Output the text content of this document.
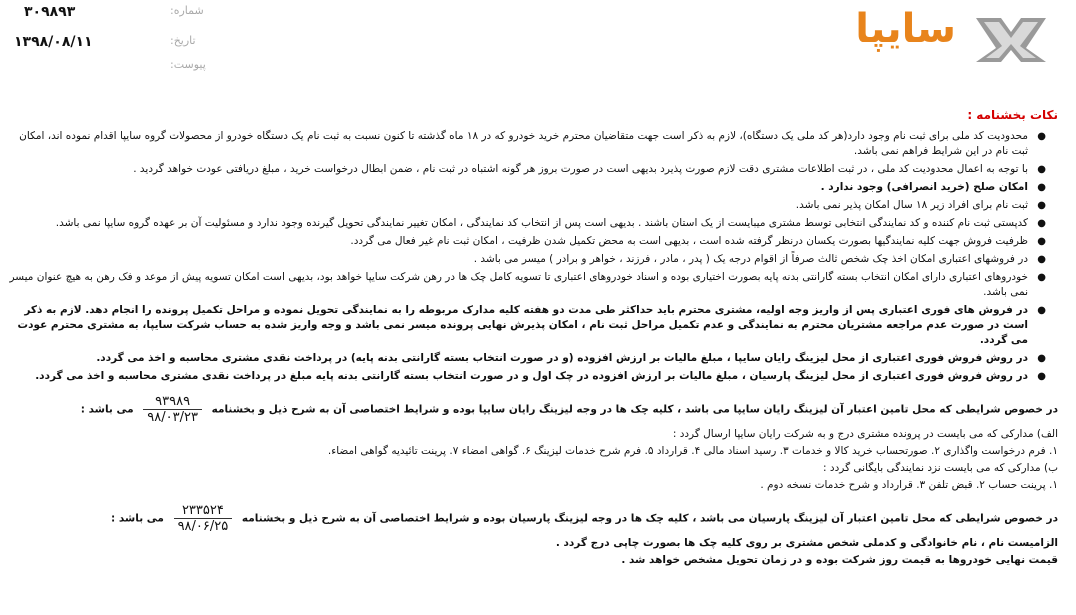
شماره:
۳۰۹۸۹۳
تاریخ:
۱۳۹۸/۰۸/۱۱
پیوست:
سایپا
نکات بخشنامه :
●
محدودیت کد ملی برای ثبت نام وجود دارد(هر کد ملی یک دستگاه)، لازم به ذکر است جهت متقاضیان محترم خرید خودرو که در ۱۸ ماه گذشته تا کنون نسبت به ثبت نام یک دستگاه خودرو از محصولات گروه سایپا اقدام نموده اند، امکان ثبت نام در این شرایط فراهم نمی باشد.
●
با توجه به اعمال محدودیت کد ملی ، در ثبت اطلاعات مشتری دقت لازم صورت پذیرد بدیهی است در صورت بروز هر گونه اشتباه در ثبت نام ، ضمن ابطال درخواست خرید ، مبلغ دریافتی عودت خواهد گردید .
●
امکان صلح (خرید انصرافی) وجود ندارد .
●
ثبت نام برای افراد زیر ۱۸ سال امکان پذیر نمی باشد.
●
کدپستی ثبت نام کننده و کد نمایندگی انتخابی توسط مشتری میبایست از یک استان باشند . بدیهی است پس از انتخاب کد نمایندگی ، امکان تغییر نمایندگی تحویل گیرنده وجود ندارد و مسئولیت آن بر عهده گروه سایپا نمی باشد.
●
ظرفیت فروش جهت کلیه نمایندگیها بصورت یکسان درنظر گرفته شده است ، بدیهی است به محض تکمیل شدن ظرفیت ، امکان ثبت نام غیر فعال می گردد.
●
در فروشهای اعتباری امکان اخذ چک شخص ثالث صرفاً از اقوام درجه یک ( پدر ، مادر ، فرزند ، خواهر و برادر ) میسر می باشد .
●
خودروهای اعتباری دارای امکان انتخاب بسته گارانتی بدنه پایه بصورت اختیاری بوده و اسناد خودروهای اعتباری تا تسویه کامل چک ها در رهن شرکت سایپا خواهد بود، بدیهی است امکان تسویه پیش از موعد و فک رهن به هیچ عنوان میسر نمی باشد.
●
در فروش های فوری اعتباری پس از واریز وجه اولیه، مشتری محترم باید حداکثر طی مدت دو هفته کلیه مدارک مربوطه را به نمایندگی تحویل نموده و مراحل تکمیل پرونده را انجام دهد. لازم به ذکر است در صورت عدم مراجعه مشتریان محترم به نمایندگی و عدم تکمیل مراحل ثبت نام ، امکان پذیرش نهایی پرونده میسر نمی باشد و وجه واریز شده به حساب شرکت سایپا، به مشتری محترم عودت می گردد.
●
در روش فروش فوری اعتباری از محل لیزینگ رایان سایپا ، مبلغ مالیات بر ارزش افزوده (و در صورت انتخاب بسته گارانتی بدنه پایه) در پرداخت نقدی مشتری محاسبه و اخذ می گردد.
●
در روش فروش فوری اعتباری از محل لیزینگ پارسیان ، مبلغ مالیات بر ارزش افزوده در چک اول و در صورت انتخاب بسته گارانتی بدنه پایه مبلغ در پرداخت نقدی مشتری محاسبه و اخذ می گردد.
در خصوص شرایطی که محل تامین اعتبار آن لیزینگ رایان سایپا می باشد ، کلیه چک ها در وجه لیزینگ رایان سایپا بوده و شرایط اختصاصی آن به شرح ذیل و بخشنامه
$\frac{۹۳۹۸۹}{۹۸/۰۳/۲۳}$
می باشد :
الف) مدارکی که می بایست در پرونده مشتری درج و به شرکت رایان سایپا ارسال گردد :
۱. فرم درخواست واگذاری ۲. صورتحساب خرید کالا و خدمات ۳. رسید اسناد مالی ۴. قرارداد ۵. فرم شرح خدمات لیزینگ ۶. گواهی امضاء ۷. پرینت تائیدیه گواهی امضاء.
ب) مدارکی که می بایست نزد نمایندگی بایگانی گردد :
۱. پرینت حساب ۲. قبض تلفن ۳. قرارداد و شرح خدمات نسخه دوم .
در خصوص شرایطی که محل تامین اعتبار آن لیزینگ پارسیان می باشد ، کلیه چک ها در وجه لیزینگ پارسیان بوده و شرایط اختصاصی آن به شرح ذیل و بخشنامه
$\frac{۲۳۳۵۲۴}{۹۸/۰۶/۲۵}$
می باشد :
الزامیست نام ، نام خانوادگی و کدملی شخص مشتری بر روی کلیه چک ها بصورت چاپی درج گردد .
قیمت نهایی خودروها به قیمت روز شرکت بوده و در زمان تحویل مشخص خواهد شد .
